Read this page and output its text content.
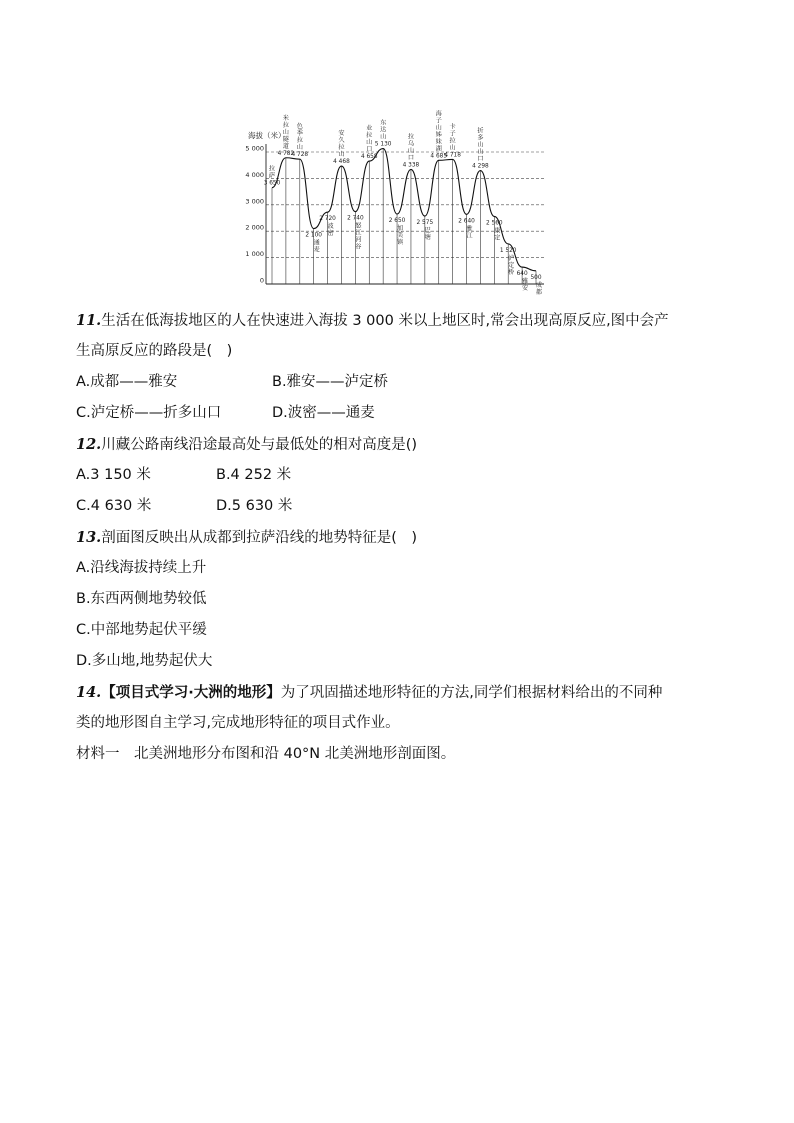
海拔（米）
5 000
4 000
3 000
2 000
1 000
0
3 650
拉
萨
4 782
米
拉
山
隧
道
4 728
色
季
拉
山
2 100
通
麦
2 720
波
密
4 468
安
久
拉
山
2 740
怒
江
河
谷
4 658
业
拉
山
口
5 130
东
达
山
2 650
加
美
镇
4 338
拉
乌
山
口
2 575
巴
塘
4 685
海
子
山
姊
妹
湖
4 718
卡
子
拉
山
2 640
雅
江
4 298
折
多
山
山
口
2 560
康
定
1 520
泸
定
桥 640
雅
安
500
成
都
11.生活在低海拔地区的人在快速进入海拔 3 000 米以上地区时,常会出现高原反应,图中会产
生高原反应的路段是(　)
A.成都——雅安	B.雅安——泸定桥
C.泸定桥——折多山口	D.波密——通麦
12.川藏公路南线沿途最高处与最低处的相对高度是()
A.3 150 米	B.4 252 米
C.4 630 米	D.5 630 米
13.剖面图反映出从成都到拉萨沿线的地势特征是(　)
A.沿线海拔持续上升
B.东西两侧地势较低
C.中部地势起伏平缓
D.多山地,地势起伏大
14.【项目式学习·大洲的地形】为了巩固描述地形特征的方法,同学们根据材料给出的不同种
类的地形图自主学习,完成地形特征的项目式作业。
材料一　北美洲地形分布图和沿 40°N 北美洲地形剖面图。
